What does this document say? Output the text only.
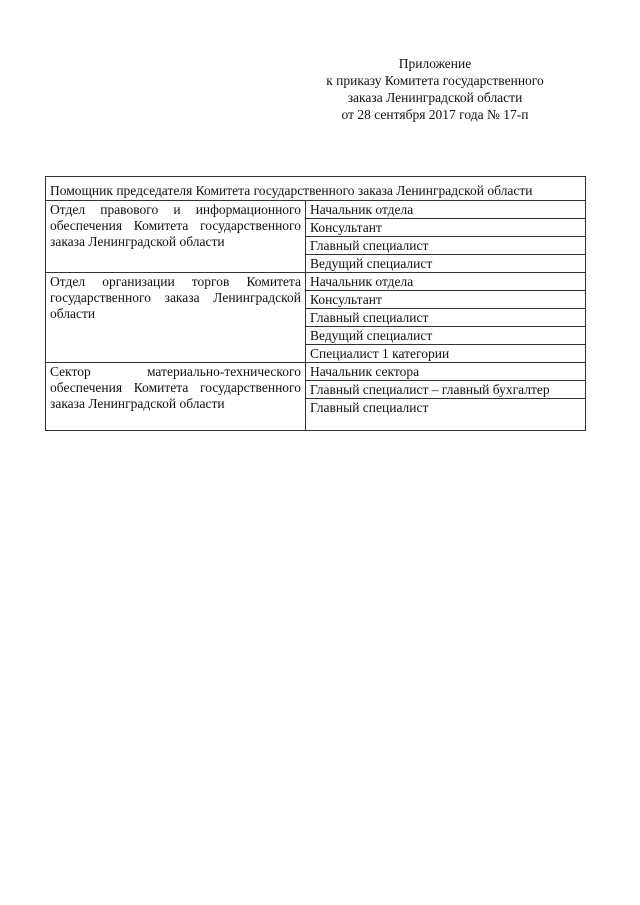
Приложение
к приказу Комитета государственного
заказа Ленинградской области
от 28 сентября 2017 года № 17-п
Помощник председателя Комитета государственного заказа Ленинградской области	
Отдел правового и информационного обеспечения Комитета государственного заказа Ленинградской области	Начальник отдела
	Консультант
	Главный специалист
	Ведущий специалист
Отдел организации торгов Комитета государственного заказа Ленинградской области	Начальник отдела
	Консультант
	Главный специалист
	Ведущий специалист
	Специалист 1 категории
Сектор материально-технического обеспечения Комитета государственного заказа Ленинградской области	Начальник сектора
	Главный специалист – главный бухгалтер
	Главный специалист
